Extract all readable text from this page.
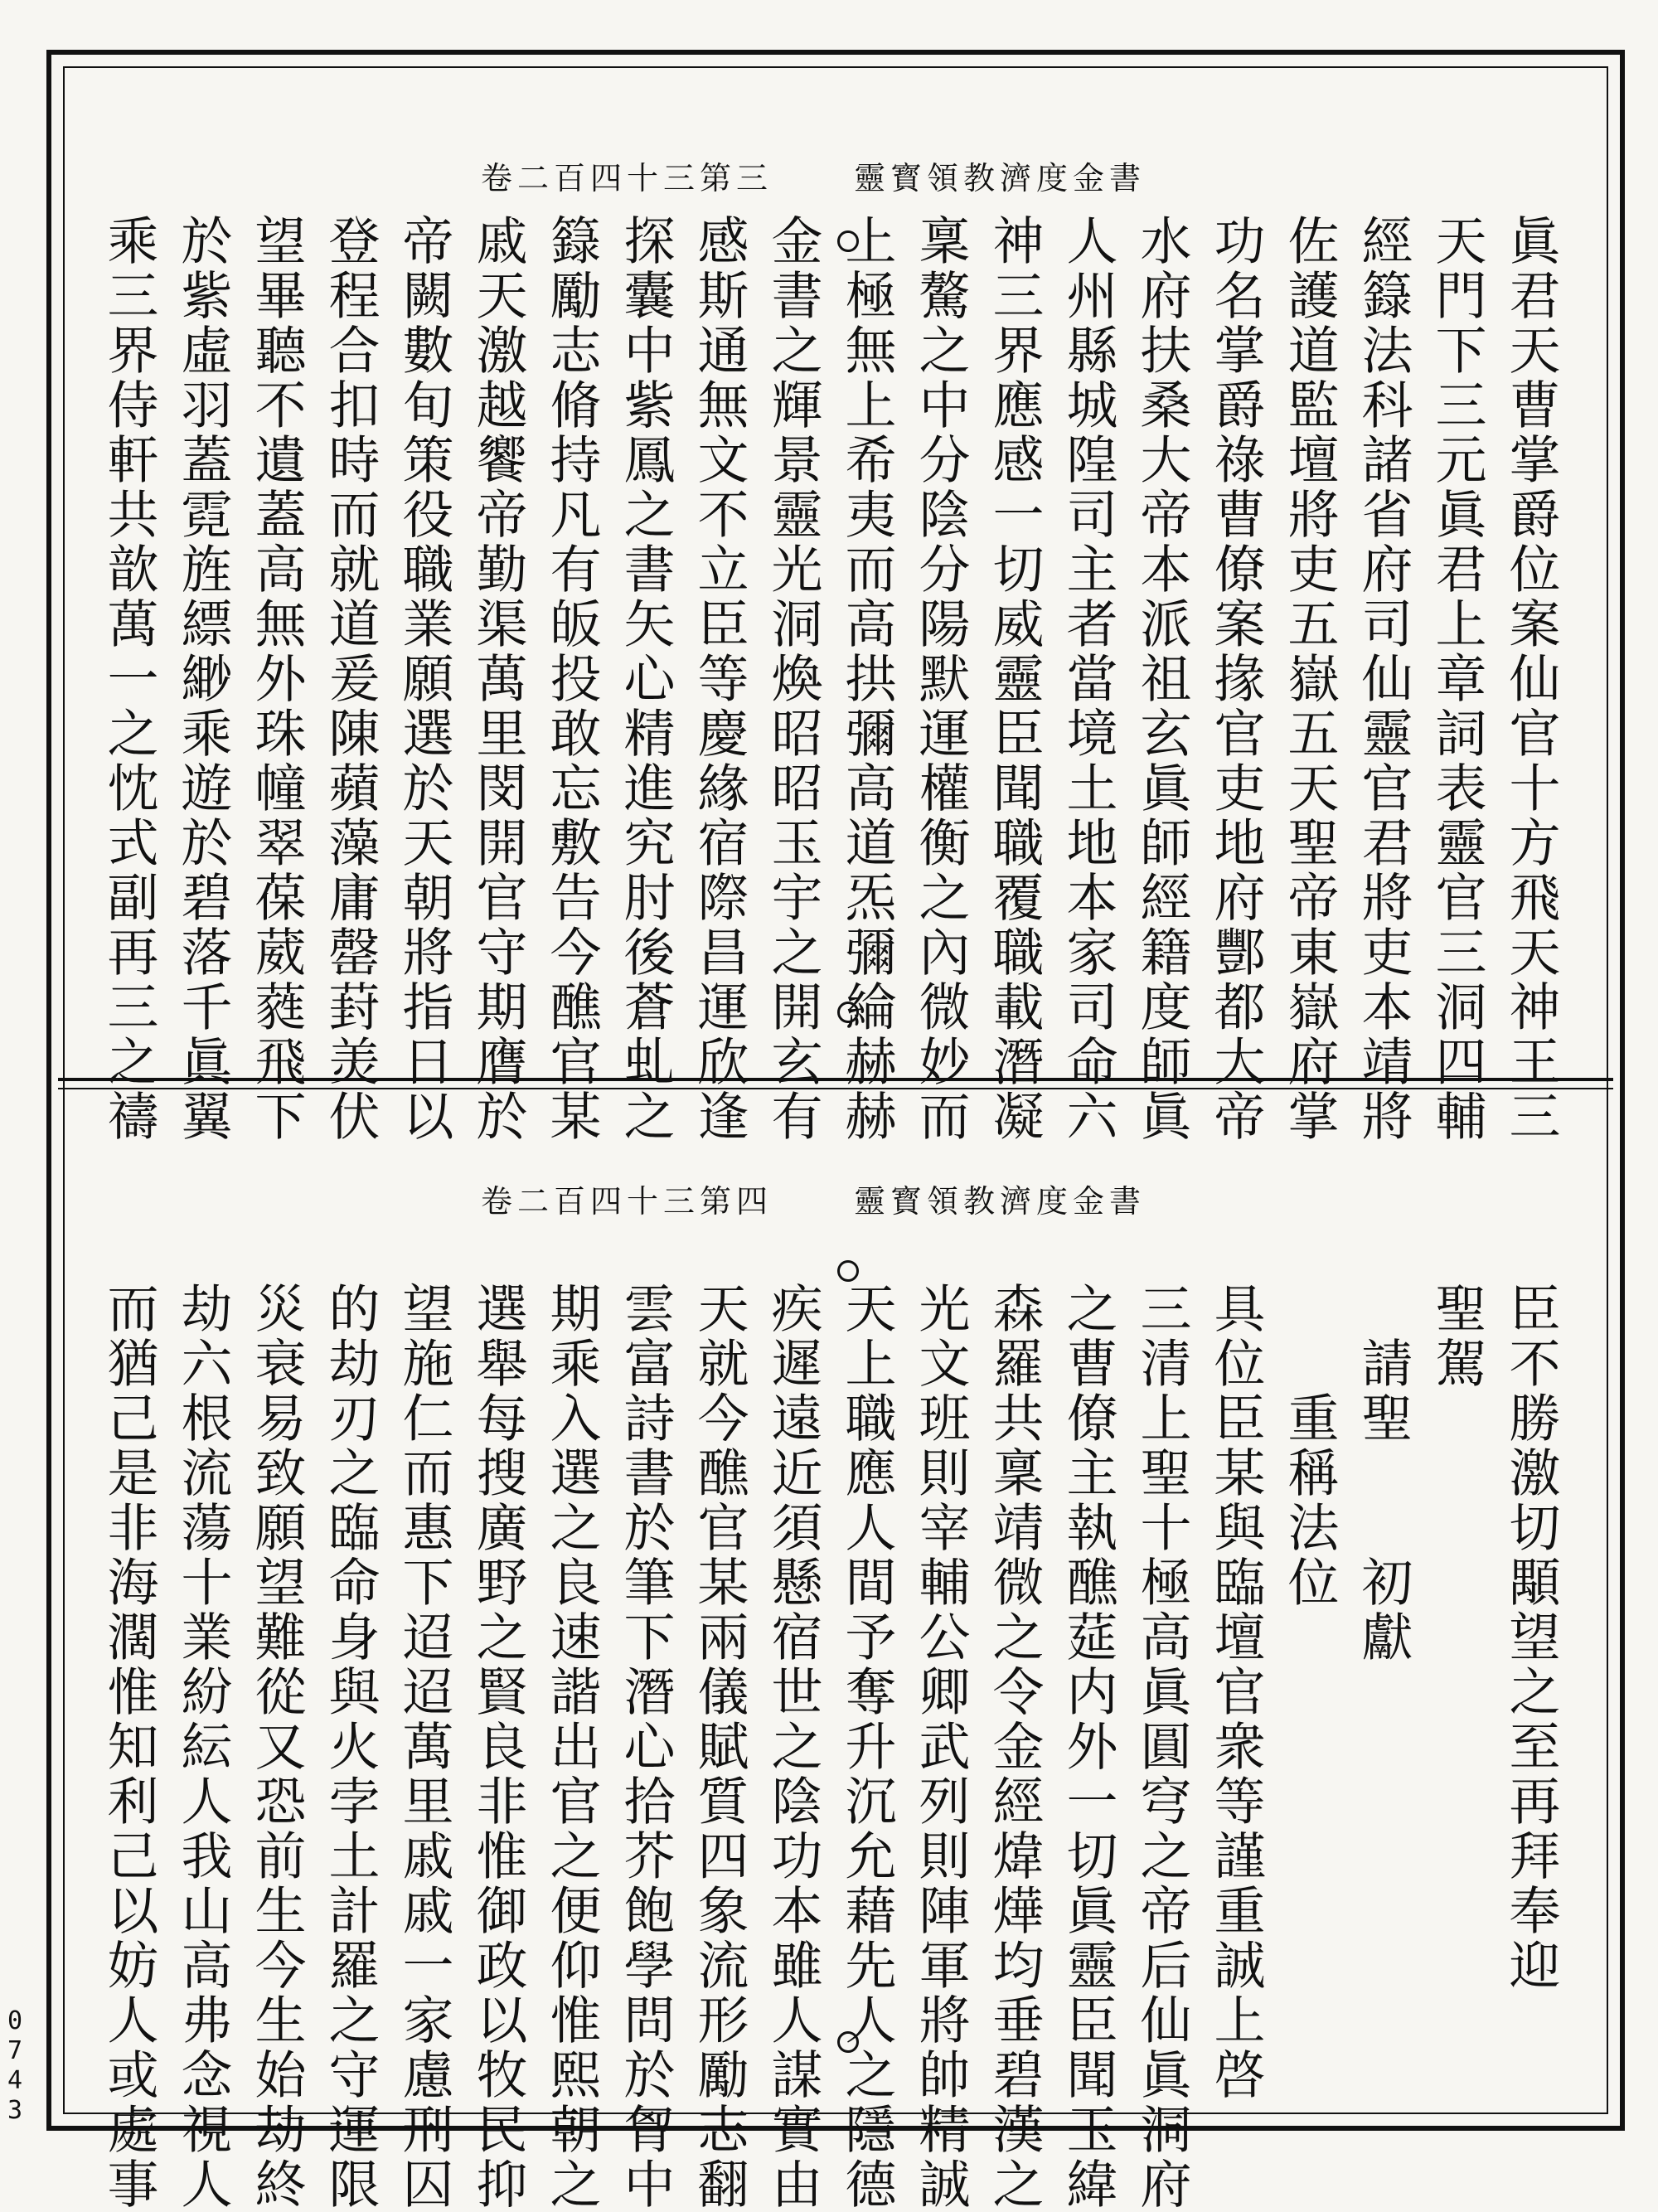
靈寳領教濟度金書
卷二百四十三第三
眞君天曹掌爵位案仙官十方飛天神王三
天門下三元眞君上章詞表靈官三洞四輔
經籙法科諸省府司仙靈官君將吏本靖將
佐護道監壇將吏五嶽五天聖帝東嶽府掌
功名掌爵祿曹僚案掾官吏地府酆都大帝
水府扶桑大帝本派祖玄眞師經籍度師眞
人州縣城隍司主者當境土地本家司命六
神三界應感一切威靈臣聞職覆職載潛凝
稟驁之中分陰分陽默運權衡之內微妙而
上極無上希夷而高拱彌高道炁彌綸赫赫
金書之輝景靈光洞煥昭昭玉宇之開玄有
感斯通無文不立臣等慶緣宿際昌運欣逢
探囊中紫鳳之書矢心精進究肘後蒼虬之
籙勵志脩持凡有皈投敢忘敷告今醮官某
戚天激越饗帝勤渠萬里閔開官守期膺於
帝闕數旬策役職業願選於天朝將指日以
登程合扣時而就道爰陳蘋藻庸罄葑羙伏
望畢聽不遺蓋高無外珠幢翠葆葳蕤飛下
於紫虛羽蓋霓旌縹緲乘遊於碧落千眞翼
乘三界侍軒共歆萬一之忱式副再三之禱
靈寳領教濟度金書
卷二百四十三第四
臣不勝激切顒望之至再拜奉迎
聖駕
　請聖　　初獻
　　重稱法位
具位臣某與臨壇官衆等謹重誠上啓
三清上聖十極高眞圓穹之帝后仙眞洞府
之曹僚主執醮莚内外一切眞靈臣聞玉緯
森羅共稟靖微之令金經煒燁均垂碧漢之
光文班則宰輔公卿武列則陣軍將帥精誠
天上職應人間予奪升沉允藉先人之隱德
疾遲遠近須懸宿世之陰功本雖人謀實由
天就今醮官某兩儀賦質四象流形勵志翻
雲富詩書於筆下潛心拾芥飽學問於胷中
期乘入選之良速諧出官之便仰惟熙朝之
選舉每搜廣野之賢良非惟御政以牧民抑
望施仁而惠下迢迢萬里戚戚一家慮刑囚
的劫刃之臨命身與火孛土計羅之守運限
災衰易致願望難從又恐前生今生始劫終
劫六根流蕩十業紛紜人我山高弗念視人
而猶己是非海濶惟知利己以妨人或處事
0
7
4
3
